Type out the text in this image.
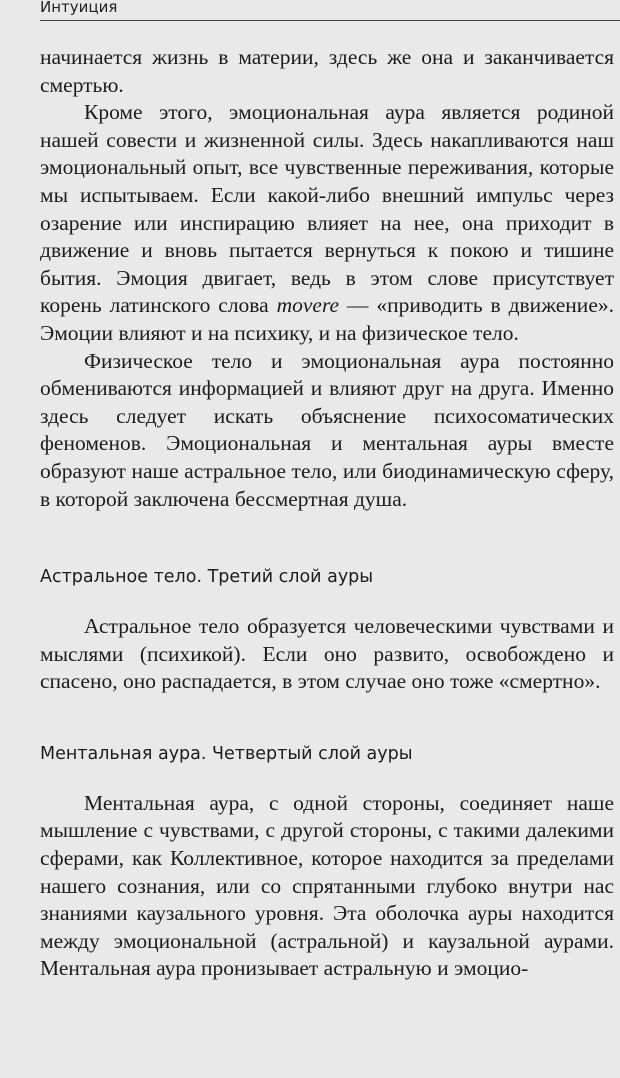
Интуиция

начинается жизнь в материи, здесь же она и заканчивается смертью.

Кроме этого, эмоциональная аура является родиной нашей совести и жизненной силы. Здесь накапливаются наш эмоциональный опыт, все чувственные переживания, которые мы испытываем. Если какой-либо внешний импульс через озарение или инспирацию влияет на нее, она приходит в движение и вновь пытается вернуться к покою и тишине бытия. Эмоция двигает, ведь в этом слове присутствует корень латинского слова movere — «приводить в движение». Эмоции влияют и на психику, и на физическое тело.

Физическое тело и эмоциональная аура постоянно обмениваются информацией и влияют друг на друга. Именно здесь следует искать объяснение психосоматических феноменов. Эмоциональная и ментальная ауры вместе образуют наше астральное тело, или биодинамическую сферу, в которой заключена бессмертная душа.

Астральное тело. Третий слой ауры

Астральное тело образуется человеческими чувствами и мыслями (психикой). Если оно развито, освобождено и спасено, оно распадается, в этом случае оно тоже «смертно».

Ментальная аура. Четвертый слой ауры

Ментальная аура, с одной стороны, соединяет наше мышление с чувствами, с другой стороны, с такими далекими сферами, как Коллективное, которое находится за пределами нашего сознания, или со спрятанными глубоко внутри нас знаниями каузального уровня. Эта оболочка ауры находится между эмоциональной (астральной) и каузальной аурами. Ментальная аура пронизывает астральную и эмоцио-
